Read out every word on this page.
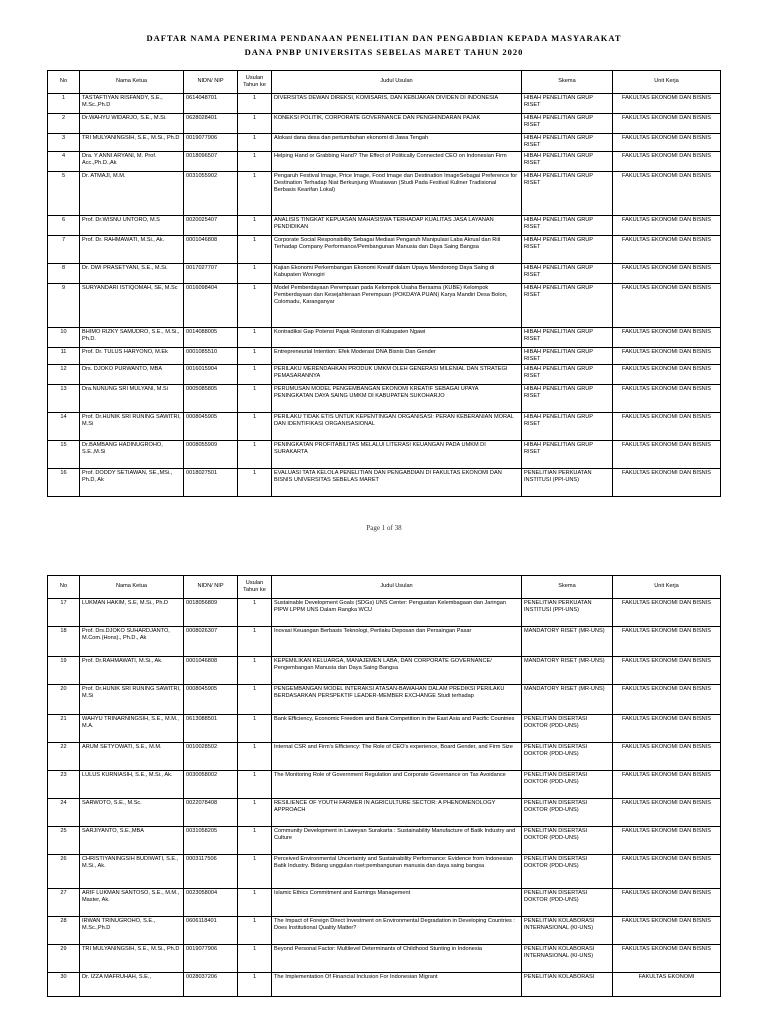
DAFTAR NAMA PENERIMA PENDANAAN PENELITIAN DAN PENGABDIAN KEPADA MASYARAKAT
DANA PNBP UNIVERSITAS SEBELAS MARET TAHUN 2020
No	Nama Ketua	NIDN/ NIP	Usulan Tahun ke	Judul Usulan	Skema	Unit Kerja
1	TASTAFTIYAN RISFANDY, S.E., M.Sc.,Ph.D	0614048701	1	DIVERSITAS DEWAN DIREKSI, KOMISARIS, DAN KEBIJAKAN DIVIDEN DI INDONESIA	HIBAH PENELITIAN GRUP RISET	FAKULTAS EKONOMI DAN BISNIS
2	Dr.WAHYU WIDARJO, S.E., M.Si.	0628028401	1	KONEKSI POLITIK, CORPORATE GOVERNANCE DAN PENGHINDARAN PAJAK	HIBAH PENELITIAN GRUP RISET	FAKULTAS EKONOMI DAN BISNIS
3	TRI MULYANINGSIH, S.E., M.Si., Ph.D	0019077906	1	Alokasi dana desa dan pertumbuhan ekonomi di Jawa Tengah	HIBAH PENELITIAN GRUP RISET	FAKULTAS EKONOMI DAN BISNIS
4	Dra. Y ANNI ARYANI, M. Prof. Acc.,Ph.D.,Ak	0018096507	1	Helping Hand or Grabbing Hand? The Effect of Politically Connected CEO on Indonesian Firm	HIBAH PENELITIAN GRUP RISET	FAKULTAS EKONOMI DAN BISNIS
5	Dr. ATMAJI, M.M.	0031055902	1	Pengaruh Festival Image, Price Image, Food Image dan Destination ImageSebagai Preference for Destination Terhadap Niat Berkunjung Wisatawan (Studi Pada Festival Kuliner Tradisional Berbasis Kearifan Lokal)	HIBAH PENELITIAN GRUP RISET	FAKULTAS EKONOMI DAN BISNIS
6	Prof. Dr.WISNU UNTORO, M.S	0020025407	1	ANALISIS TINGKAT KEPUASAN MAHASISWA TERHADAP KUALITAS JASA LAYANAN PENDIDIKAN	HIBAH PENELITIAN GRUP RISET	FAKULTAS EKONOMI DAN BISNIS
7	Prof. Dr. RAHMAWATI, M.Si., Ak.	0001046808	1	Corporate Social Responsibility Sebagai Mediasi Pengaruh Manipulasi Laba Akrual dan Riil Terhadap Company Performance/Pembangunan Manusia dan Daya Saing Bangsa	HIBAH PENELITIAN GRUP RISET	FAKULTAS EKONOMI DAN BISNIS
8	Dr. DWI PRASETYANI, S.E., M.Si.	0017027707	1	Kajian Ekonomi Perkembangan Ekonomi Kreatif dalam Upaya Mendorong Daya Saing di Kabupaten Wonogiri	HIBAH PENELITIAN GRUP RISET	FAKULTAS EKONOMI DAN BISNIS
9	SURYANDARI ISTIQOMAH, SE, M.Sc	0016098404	1	Model Pemberdayaan Perempuan pada Kelompok Usaha Bersama (KUBE) Kelompok Pemberdayaan dan Kesejahteraan Perempuan (POKDAYA PUAN) Karya Mandiri Desa Bolon, Colomadu, Karanganyar	HIBAH PENELITIAN GRUP RISET	FAKULTAS EKONOMI DAN BISNIS
10	BHIMO RIZKY SAMUDRO, S.E., M.Si., Ph.D.	0014088005	1	Kontradiksi Gap Potensi Pajak Restoran di Kabupaten Ngawi	HIBAH PENELITIAN GRUP RISET	FAKULTAS EKONOMI DAN BISNIS
11	Prof. Dr. TULUS HARYONO, M.Ek	0001085510	1	Entrepreneurial Intention: Efek Moderasi DNA Bisnis Dan Gender	HIBAH PENELITIAN GRUP RISET	FAKULTAS EKONOMI DAN BISNIS
12	Drs. DJOKO PURWANTO, MBA	0016015904	1	PERILAKU MERENDAHKAN PRODUK UMKM OLEH GENERASI MILENIAL DAN STRATEGI PEMASARANNYA	HIBAH PENELITIAN GRUP RISET	FAKULTAS EKONOMI DAN BISNIS
13	Dra.NUNUNG SRI MULYANI, M.Si	0005085805	1	PERUMUSAN MODEL PENGEMBANGAN EKONOMI KREATIF SEBAGAI UPAYA PENINGKATAN DAYA SAING UMKM DI KABUPATEN SUKOHARJO	HIBAH PENELITIAN GRUP RISET	FAKULTAS EKONOMI DAN BISNIS
14	Prof. Dr.HUNIK SRI RUNING SAWITRI, M.Si	0008045905	1	PERILAKU TIDAK ETIS UNTUK KEPENTINGAN ORGANISASI: PERAN KEBERANIAN MORAL DAN IDENTIFIKASI ORGANISASIONAL	HIBAH PENELITIAN GRUP RISET	FAKULTAS EKONOMI DAN BISNIS
15	Dr.BAMBANG HADINUGROHO, S.E.,M.Si	0008055909	1	PENINGKATAN PROFITABILITAS MELALUI LITERASI KEUANGAN PADA UMKM DI SURAKARTA	HIBAH PENELITIAN GRUP RISET	FAKULTAS EKONOMI DAN BISNIS
16	Prof. DODDY SETIAWAN, SE.,MSi., Ph.D, Ak	0018027501	1	EVALUASI TATA KELOLA PENELITIAN DAN PENGABDIAN DI FAKULTAS EKONOMI DAN BISNIS UNIVERSITAS SEBELAS MARET	PENELITIAN PERKUATAN INSTITUSI (PPI-UNS)	FAKULTAS EKONOMI DAN BISNIS
Page 1 of 38
No	Nama Ketua	NIDN/ NIP	Usulan Tahun ke	Judul Usulan	Skema	Unit Kerja
17	LUKMAN HAKIM, S.E, M.Si., Ph.D	0018056809	1	Sustainable Development Goals (SDGs) UNS Center: Penguatan Kelembagaan dan Jaringan PIPW LPPM UNS Dalam Rangka WCU	PENELITIAN PERKUATAN INSTITUSI (PPI-UNS)	FAKULTAS EKONOMI DAN BISNIS
18	Prof. Drs.DJOKO SUHARDJANTO, M.Com.(Hons)., Ph.D., Ak	0008026307	1	Inovasi Keuangan Berbasis Teknologi, Perilaku Deposan dan Persaingan Pasar	MANDATORY RISET (MR-UNS)	FAKULTAS EKONOMI DAN BISNIS
19	Prof. Dr.RAHMAWATI, M.Si., Ak.	0001046808	1	KEPEMILIKAN KELUARGA, MANAJEMEN LABA, DAN CORPORATE GOVERNANCE/ Pengembangan Manusia dan Daya Saing Bangsa	MANDATORY RISET (MR-UNS)	FAKULTAS EKONOMI DAN BISNIS
20	Prof. Dr.HUNIK SRI RUNING SAWITRI, M.Si	0008045905	1	PENGEMBANGAN MODEL INTERAKSI ATASAN-BAWAHAN DALAM PREDIKSI PERILAKU BERDASARKAN PERSPEKTIF LEADER-MEMBER EXCHANGE Studi terhadap	MANDATORY RISET (MR-UNS)	FAKULTAS EKONOMI DAN BISNIS
21	WAHYU TRINARNINGSIH, S.E., M.M., M.A.	0613088501	1	Bank Efficiency, Economic Freedom and Bank Competition in the East Asia and Pacific Countries	PENELITIAN DISERTASI DOKTOR (PDD-UNS)	FAKULTAS EKONOMI DAN BISNIS
22	ARUM SETYOWATI, S.E., M.M.	0010028502	1	Internal CSR and Firm's Efficiency: The Role of CEO's experience, Board Gender, and Firm Size	PENELITIAN DISERTASI DOKTOR (PDD-UNS)	FAKULTAS EKONOMI DAN BISNIS
23	LULUS KURNIASIH, S.E., M.Si., Ak.	0030058002	1	The Monitoring Role of Government Regulation and Corporate Governance on Tax Avoidance	PENELITIAN DISERTASI DOKTOR (PDD-UNS)	FAKULTAS EKONOMI DAN BISNIS
24	SARWOTO, S.E., M.Sc.	0022078408	1	RESILIENCE OF YOUTH FARMER IN AGRICULTURE SECTOR: A PHENOMENOLOGY APPROACH	PENELITIAN DISERTASI DOKTOR (PDD-UNS)	FAKULTAS EKONOMI DAN BISNIS
25	SARJIYANTO, S.E.,MBA	0031058205	1	Community Development in Laweyan Surakarta : Sustainability Manufacture of Batik Industry and Culture	PENELITIAN DISERTASI DOKTOR (PDD-UNS)	FAKULTAS EKONOMI DAN BISNIS
26	CHRISTIYANINGSIH BUDIWATI, S.E., M.Si., Ak.	0003117506	1	Perceived Environmental Uncertainty and Sustainability Performance: Evidence from Indonesian Batik Industry. Bidang unggulan riset:pembangunan manusia dan daya saing bangsa	PENELITIAN DISERTASI DOKTOR (PDD-UNS)	FAKULTAS EKONOMI DAN BISNIS
27	ARIF LUKMAN SANTOSO, S.E., M.M., Master, Ak.	0023058004	1	Islamic Ethics Commitment and Earnings Management	PENELITIAN DISERTASI DOKTOR (PDD-UNS)	FAKULTAS EKONOMI DAN BISNIS
28	IRWAN TRINUGROHO, S.E., M.Sc.,Ph.D	0606118401	1	The Impact of Foreign Direct Investment on Environmental Degradation in Developing Countries : Does Institutional Quality Matter?	PENELITIAN KOLABORASI INTERNASIONAL (KI-UNS)	FAKULTAS EKONOMI DAN BISNIS
29	TRI MULYANINGSIH, S.E., M.Si., Ph.D	0019077906	1	Beyond Personal Factor: Multilevel Determinants of Childhood Stunting in Indonesia	PENELITIAN KOLABORASI INTERNASIONAL (KI-UNS)	FAKULTAS EKONOMI DAN BISNIS
30	Dr. IZZA MAFRUHAH, S.E.,	0028037206	1	The Implementation Of Financial Inclusion For Indonesian Migrant	PENELITIAN KOLABORASI	FAKULTAS EKONOMI
